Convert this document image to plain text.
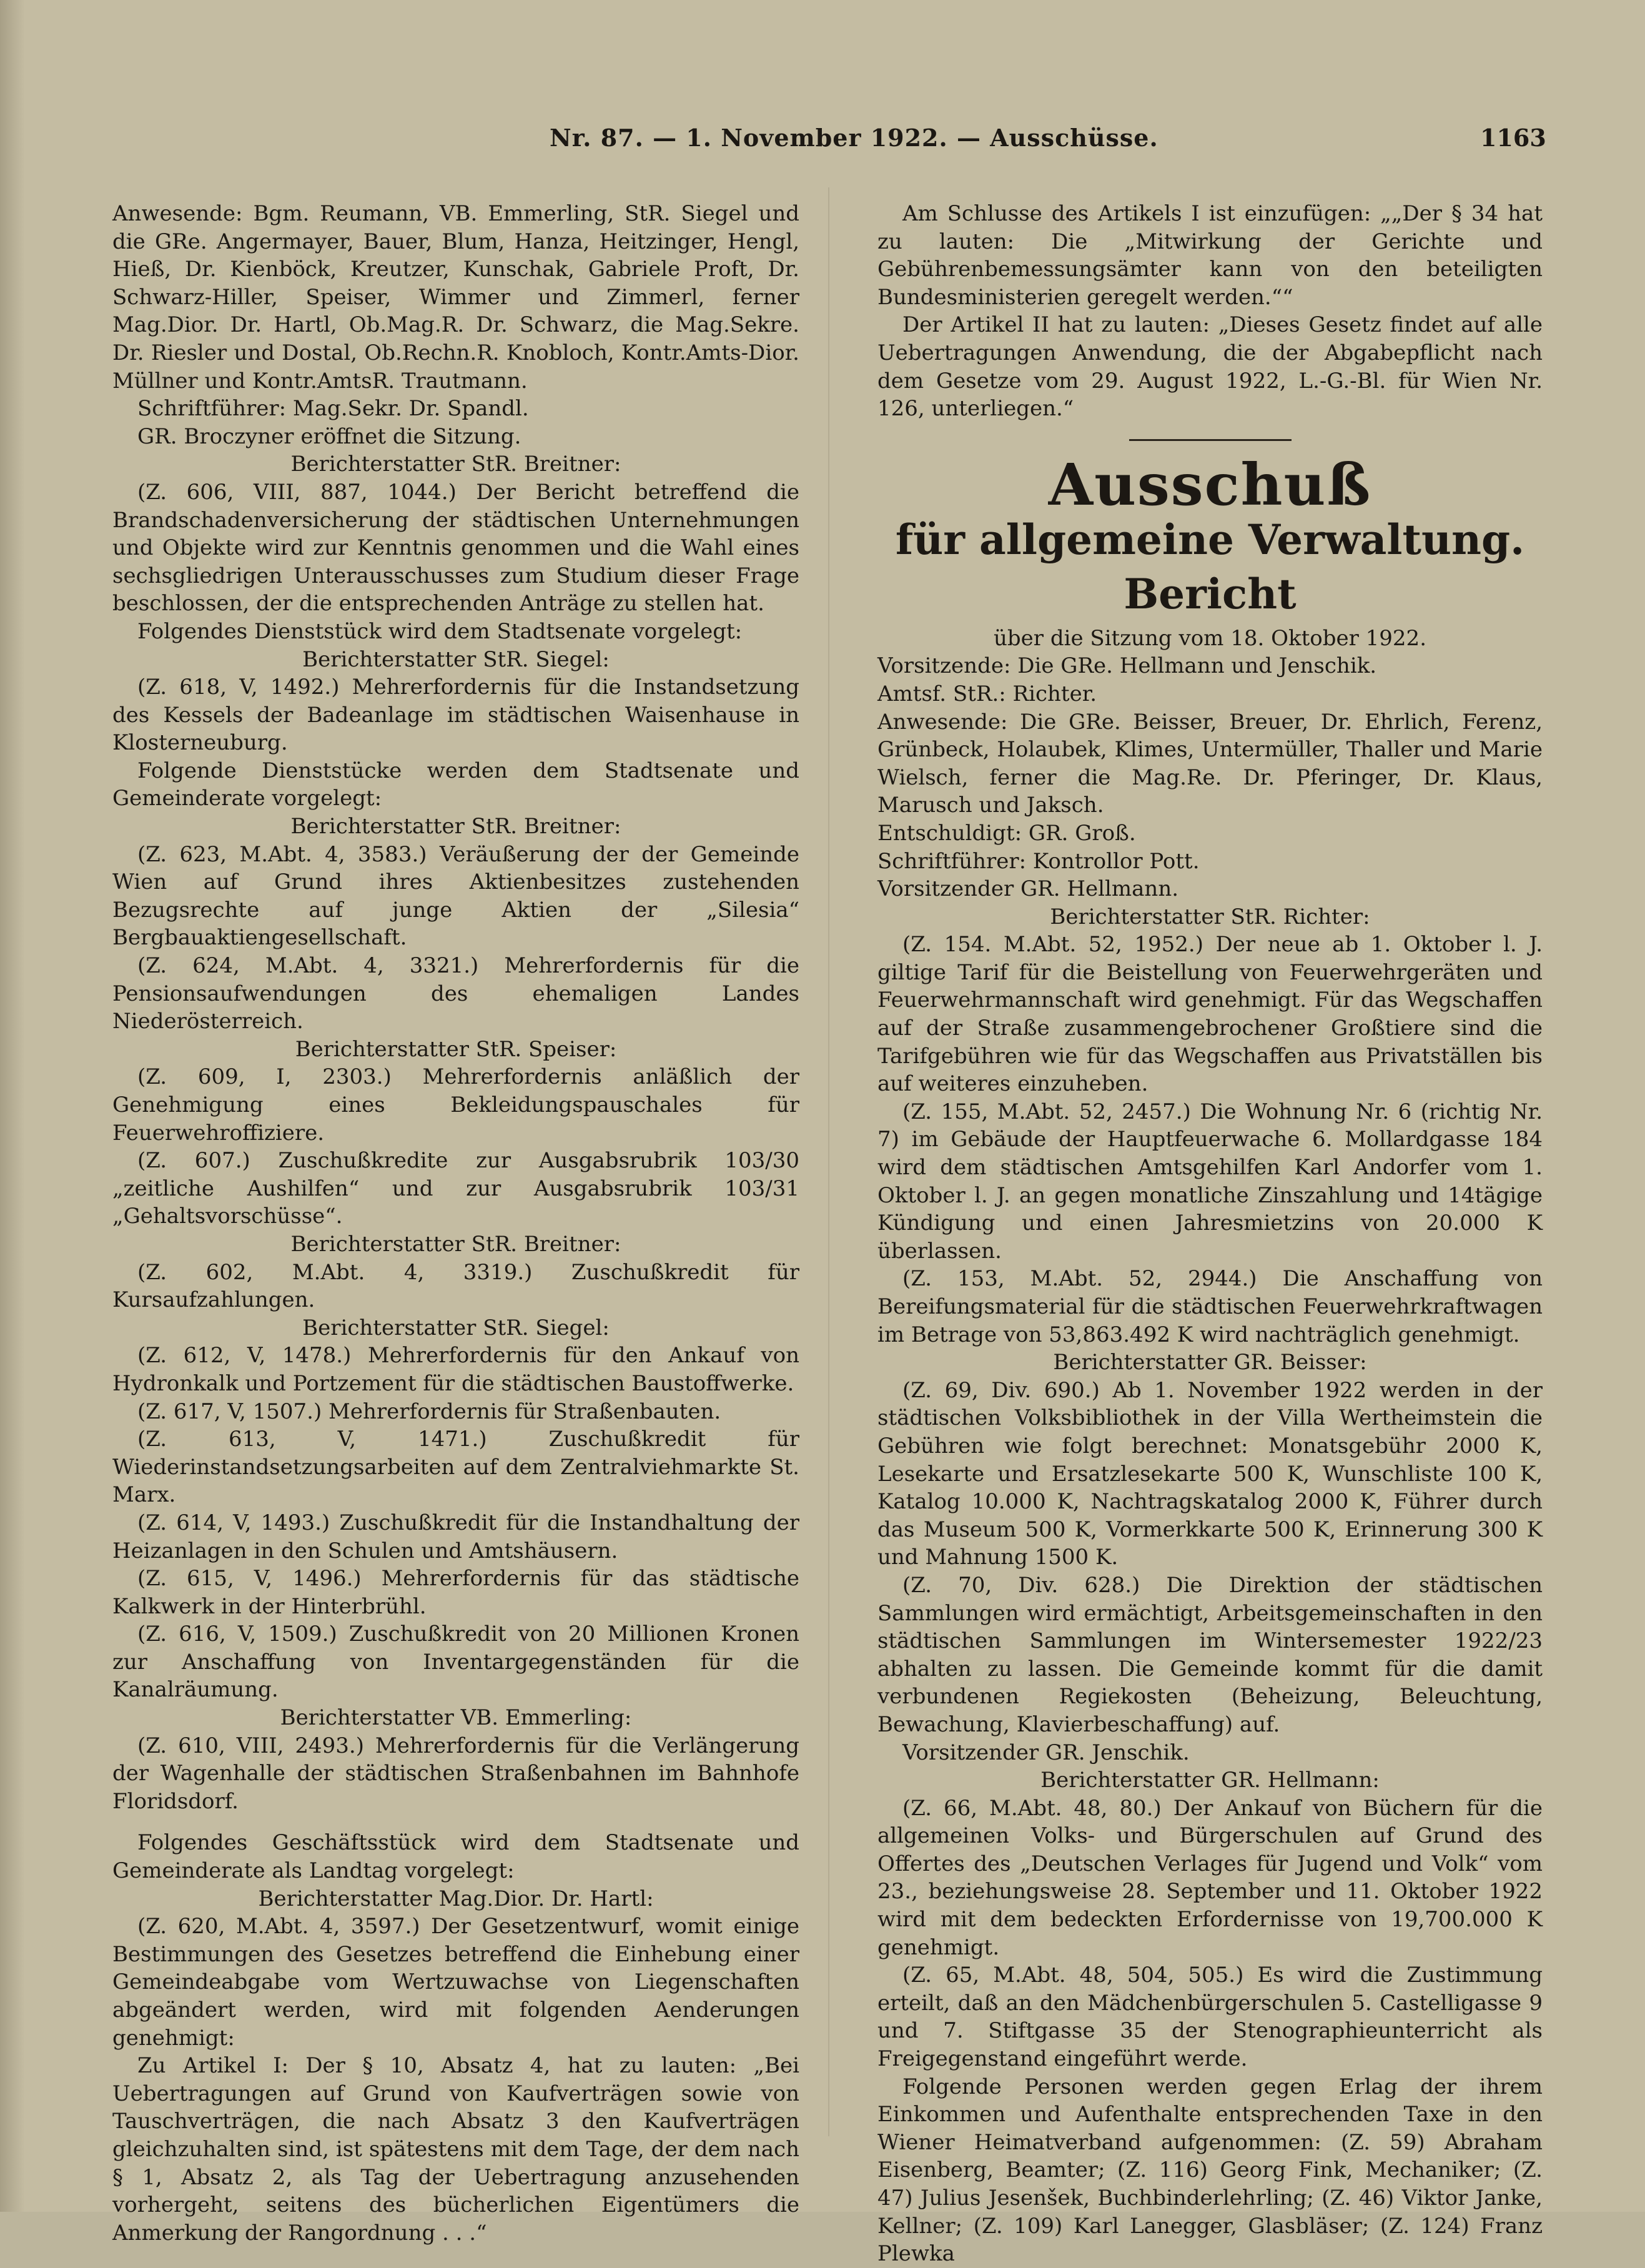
Nr. 87. — 1. November 1922. — Ausschüsse.	1163

Anwesende: Bgm. Reumann, VB. Emmerling, StR. Siegel und die GRe. Angermayer, Bauer, Blum, Hanza, Heitzinger, Hengl, Hieß, Dr. Kienböck, Kreutzer, Kunschak, Gabriele Proft, Dr. Schwarz-Hiller, Speiser, Wimmer und Zimmerl, ferner Mag.Dior. Dr. Hartl, Ob.Mag.R. Dr. Schwarz, die Mag.Sekre. Dr. Riesler und Dostal, Ob.Rechn.R. Knobloch, Kontr.Amts-Dior. Müllner und Kontr.AmtsR. Trautmann.

Schriftführer: Mag.Sekr. Dr. Spandl.

GR. Broczyner eröffnet die Sitzung.

Berichterstatter StR. Breitner:

(Z. 606, VIII, 887, 1044.) Der Bericht betreffend die Brandschadenversicherung der städtischen Unternehmungen und Objekte wird zur Kenntnis genommen und die Wahl eines sechsgliedrigen Unterausschusses zum Studium dieser Frage beschlossen, der die entsprechenden Anträge zu stellen hat.

Folgendes Dienststück wird dem Stadtsenate vorgelegt:

Berichterstatter StR. Siegel:

(Z. 618, V, 1492.) Mehrerfordernis für die Instandsetzung des Kessels der Badeanlage im städtischen Waisenhause in Klosterneuburg.

Folgende Dienststücke werden dem Stadtsenate und Gemeinderate vorgelegt:

Berichterstatter StR. Breitner:

(Z. 623, M.Abt. 4, 3583.) Veräußerung der der Gemeinde Wien auf Grund ihres Aktienbesitzes zustehenden Bezugsrechte auf junge Aktien der „Silesia“ Bergbauaktiengesellschaft.

(Z. 624, M.Abt. 4, 3321.) Mehrerfordernis für die Pensionsaufwendungen des ehemaligen Landes Niederösterreich.

Berichterstatter StR. Speiser:

(Z. 609, I, 2303.) Mehrerfordernis anläßlich der Genehmigung eines Bekleidungspauschales für Feuerwehroffiziere.

(Z. 607.) Zuschußkredite zur Ausgabsrubrik 103/30 „zeitliche Aushilfen“ und zur Ausgabsrubrik 103/31 „Gehaltsvorschüsse“.

Berichterstatter StR. Breitner:

(Z. 602, M.Abt. 4, 3319.) Zuschußkredit für Kursaufzahlungen.

Berichterstatter StR. Siegel:

(Z. 612, V, 1478.) Mehrerfordernis für den Ankauf von Hydronkalk und Portzement für die städtischen Baustoffwerke.

(Z. 617, V, 1507.) Mehrerfordernis für Straßenbauten.

(Z. 613, V, 1471.) Zuschußkredit für Wiederinstandsetzungsarbeiten auf dem Zentralviehmarkte St. Marx.

(Z. 614, V, 1493.) Zuschußkredit für die Instandhaltung der Heizanlagen in den Schulen und Amtshäusern.

(Z. 615, V, 1496.) Mehrerfordernis für das städtische Kalkwerk in der Hinterbrühl.

(Z. 616, V, 1509.) Zuschußkredit von 20 Millionen Kronen zur Anschaffung von Inventargegenständen für die Kanalräumung.

Berichterstatter VB. Emmerling:

(Z. 610, VIII, 2493.) Mehrerfordernis für die Verlängerung der Wagenhalle der städtischen Straßenbahnen im Bahnhofe Floridsdorf.

Folgendes Geschäftsstück wird dem Stadtsenate und Gemeinderate als Landtag vorgelegt:

Berichterstatter Mag.Dior. Dr. Hartl:

(Z. 620, M.Abt. 4, 3597.) Der Gesetzentwurf, womit einige Bestimmungen des Gesetzes betreffend die Einhebung einer Gemeindeabgabe vom Wertzuwachse von Liegenschaften abgeändert werden, wird mit folgenden Aenderungen genehmigt:

Zu Artikel I: Der § 10, Absatz 4, hat zu lauten: „Bei Uebertragungen auf Grund von Kaufverträgen sowie von Tauschverträgen, die nach Absatz 3 den Kaufverträgen gleichzuhalten sind, ist spätestens mit dem Tage, der dem nach § 1, Absatz 2, als Tag der Uebertragung anzusehenden vorhergeht, seitens des bücherlichen Eigentümers die Anmerkung der Rangordnung . . .“

Am Schlusse des Artikels I ist einzufügen: „„Der § 34 hat zu lauten: Die „Mitwirkung der Gerichte und Gebührenbemessungsämter kann von den beteiligten Bundesministerien geregelt werden.““

Der Artikel II hat zu lauten: „Dieses Gesetz findet auf alle Uebertragungen Anwendung, die der Abgabepflicht nach dem Gesetze vom 29. August 1922, L.-G.-Bl. für Wien Nr. 126, unterliegen.“

Ausschuß
für allgemeine Verwaltung.
Bericht

über die Sitzung vom 18. Oktober 1922.

Vorsitzende: Die GRe. Hellmann und Jenschik.

Amtsf. StR.: Richter.

Anwesende: Die GRe. Beisser, Breuer, Dr. Ehrlich, Ferenz, Grünbeck, Holaubek, Klimes, Untermüller, Thaller und Marie Wielsch, ferner die Mag.Re. Dr. Pferinger, Dr. Klaus, Marusch und Jaksch.

Entschuldigt: GR. Groß.

Schriftführer: Kontrollor Pott.

Vorsitzender GR. Hellmann.

Berichterstatter StR. Richter:

(Z. 154. M.Abt. 52, 1952.) Der neue ab 1. Oktober l. J. giltige Tarif für die Beistellung von Feuerwehrgeräten und Feuerwehrmannschaft wird genehmigt. Für das Wegschaffen auf der Straße zusammengebrochener Großtiere sind die Tarifgebühren wie für das Wegschaffen aus Privatställen bis auf weiteres einzuheben.

(Z. 155, M.Abt. 52, 2457.) Die Wohnung Nr. 6 (richtig Nr. 7) im Gebäude der Hauptfeuerwache 6. Mollardgasse 184 wird dem städtischen Amtsgehilfen Karl Andorfer vom 1. Oktober l. J. an gegen monatliche Zinszahlung und 14tägige Kündigung und einen Jahresmietzins von 20.000 K überlassen.

(Z. 153, M.Abt. 52, 2944.) Die Anschaffung von Bereifungsmaterial für die städtischen Feuerwehrkraftwagen im Betrage von 53,863.492 K wird nachträglich genehmigt.

Berichterstatter GR. Beisser:

(Z. 69, Div. 690.) Ab 1. November 1922 werden in der städtischen Volksbibliothek in der Villa Wertheimstein die Gebühren wie folgt berechnet: Monatsgebühr 2000 K, Lesekarte und Ersatzlesekarte 500 K, Wunschliste 100 K, Katalog 10.000 K, Nachtragskatalog 2000 K, Führer durch das Museum 500 K, Vormerkkarte 500 K, Erinnerung 300 K und Mahnung 1500 K.

(Z. 70, Div. 628.) Die Direktion der städtischen Sammlungen wird ermächtigt, Arbeitsgemeinschaften in den städtischen Sammlungen im Wintersemester 1922/23 abhalten zu lassen. Die Gemeinde kommt für die damit verbundenen Regiekosten (Beheizung, Beleuchtung, Bewachung, Klavierbeschaffung) auf.

Vorsitzender GR. Jenschik.

Berichterstatter GR. Hellmann:

(Z. 66, M.Abt. 48, 80.) Der Ankauf von Büchern für die allgemeinen Volks- und Bürgerschulen auf Grund des Offertes des „Deutschen Verlages für Jugend und Volk“ vom 23., beziehungsweise 28. September und 11. Oktober 1922 wird mit dem bedeckten Erfordernisse von 19,700.000 K genehmigt.

(Z. 65, M.Abt. 48, 504, 505.) Es wird die Zustimmung erteilt, daß an den Mädchenbürgerschulen 5. Castelligasse 9 und 7. Stiftgasse 35 der Stenographieunterricht als Freigegenstand eingeführt werde.

Folgende Personen werden gegen Erlag der ihrem Einkommen und Aufenthalte entsprechenden Taxe in den Wiener Heimatverband aufgenommen: (Z. 59) Abraham Eisenberg, Beamter; (Z. 116) Georg Fink, Mechaniker; (Z. 47) Julius Jesenšek, Buchbinderlehrling; (Z. 46) Viktor Janke, Kellner; (Z. 109) Karl Lanegger, Glasbläser; (Z. 124) Franz Plewka
